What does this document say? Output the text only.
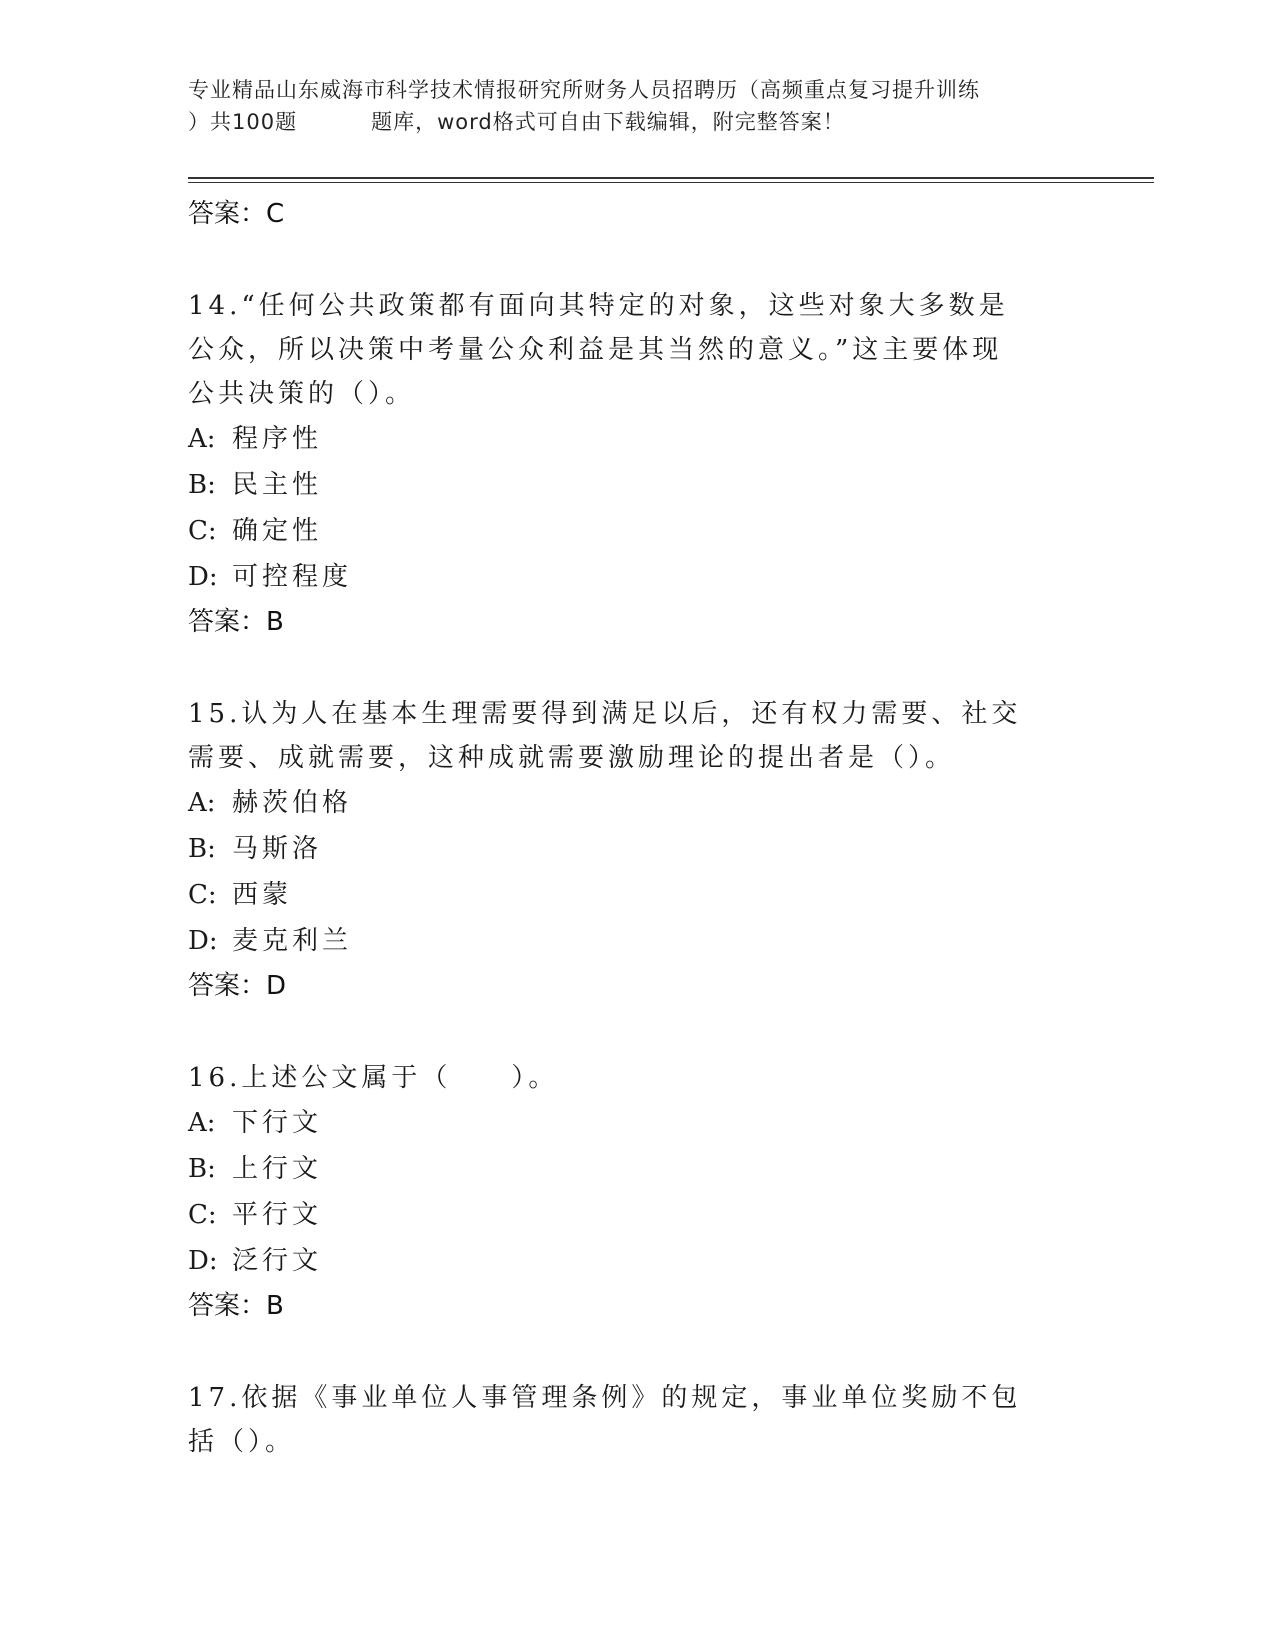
专业精品山东威海市科学技术情报研究所财务人员招聘历（高频重点复习提升训练
）共100题	题库，word格式可自由下载编辑，附完整答案！
答案：C
14.“任何公共政策都有面向其特定的对象，这些对象大多数是公众，所以决策中考量公众利益是其当然的意义。”这主要体现公共决策的（）。
A: 程序性
B: 民主性
C: 确定性
D: 可控程度
答案：B
15.认为人在基本生理需要得到满足以后，还有权力需要、社交需要、成就需要，这种成就需要激励理论的提出者是（）。
A: 赫茨伯格
B: 马斯洛
C: 西蒙
D: 麦克利兰
答案：D
16.上述公文属于（　　）。
A: 下行文
B: 上行文
C: 平行文
D: 泛行文
答案：B
17.依据《事业单位人事管理条例》的规定，事业单位奖励不包括（）。
